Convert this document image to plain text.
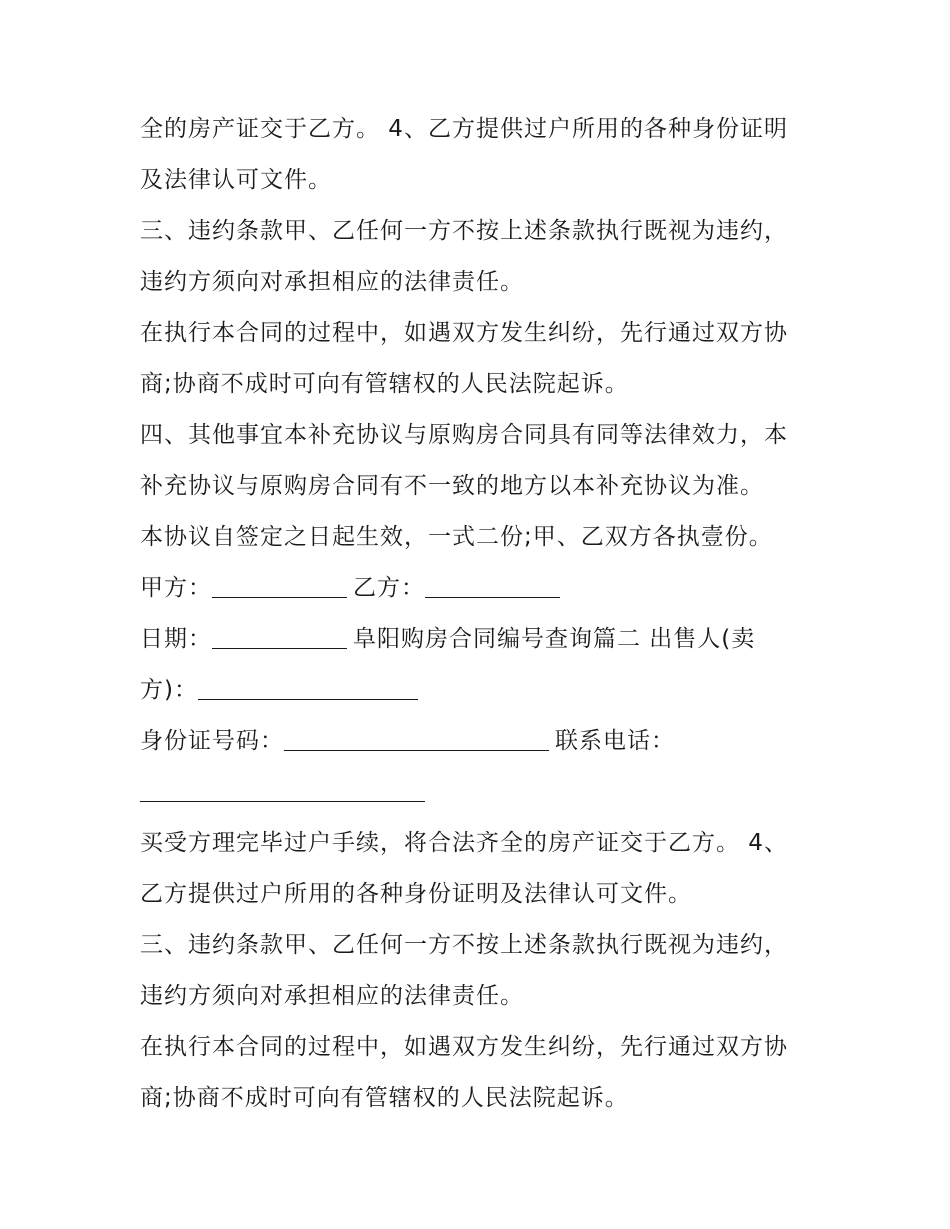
全的房产证交于乙方。 4、乙方提供过户所用的各种身份证明
及法律认可文件。
三、违约条款甲、乙任何一方不按上述条款执行既视为违约，
违约方须向对承担相应的法律责任。
在执行本合同的过程中，如遇双方发生纠纷，先行通过双方协
商;协商不成时可向有管辖权的人民法院起诉。
四、其他事宜本补充协议与原购房合同具有同等法律效力，本
补充协议与原购房合同有不一致的地方以本补充协议为准。
本协议自签定之日起生效，一式二份;甲、乙双方各执壹份。
甲方：	乙方：
日期：	阜阳购房合同编号查询篇二 出售人(卖
方)：
身份证号码：	联系电话：
买受方理完毕过户手续，将合法齐全的房产证交于乙方。 4、
乙方提供过户所用的各种身份证明及法律认可文件。
三、违约条款甲、乙任何一方不按上述条款执行既视为违约，
违约方须向对承担相应的法律责任。
在执行本合同的过程中，如遇双方发生纠纷，先行通过双方协
商;协商不成时可向有管辖权的人民法院起诉。
